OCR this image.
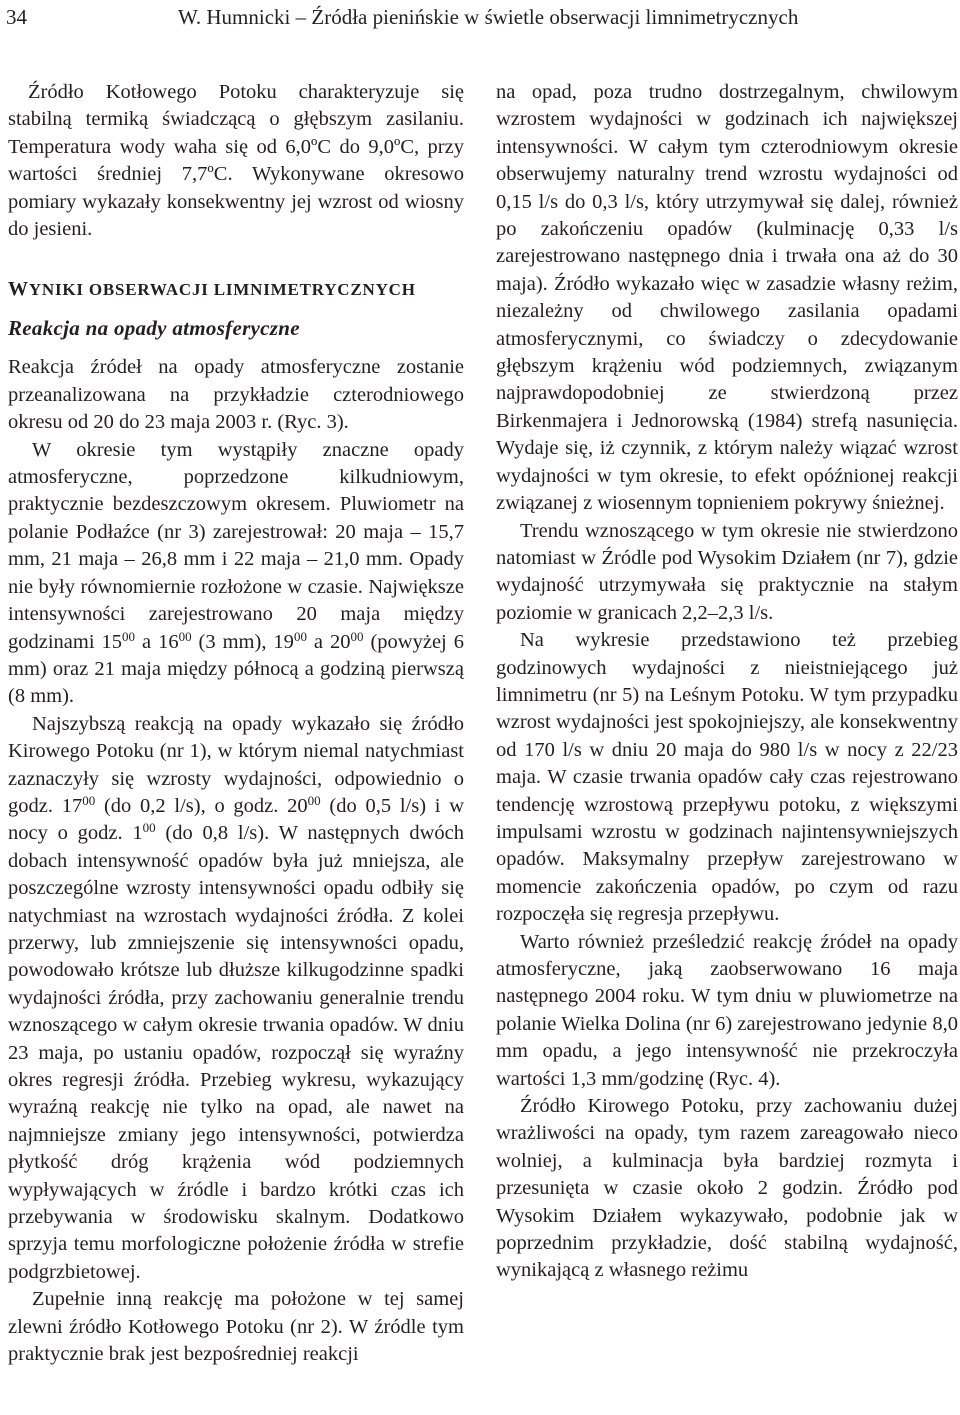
34	W. Humnicki – Źródła pienińskie w świetle obserwacji limnimetrycznych

Źródło Kotłowego Potoku charakteryzuje się stabilną termiką świadczącą o głębszym zasilaniu. Temperatura wody waha się od 6,0ºC do 9,0ºC, przy wartości średniej 7,7ºC. Wykonywane okresowo pomiary wykazały konsekwentny jej wzrost od wiosny do jesieni.

WYNIKI OBSERWACJI LIMNIMETRYCZNYCH
Reakcja na opady atmosferyczne

Reakcja źródeł na opady atmosferyczne zostanie przeanalizowana na przykładzie czterodniowego okresu od 20 do 23 maja 2003 r. (Ryc. 3).

W okresie tym wystąpiły znaczne opady atmosferyczne, poprzedzone kilkudniowym, praktycznie bezdeszczowym okresem. Pluwiometr na polanie Podłaźce (nr 3) zarejestrował: 20 maja – 15,7 mm, 21 maja – 26,8 mm i 22 maja – 21,0 mm. Opady nie były równomiernie rozłożone w czasie. Największe intensywności zarejestrowano 20 maja między godzinami $15^{00}$ a $16^{00}$ (3 mm), $19^{00}$ a $20^{00}$ (powyżej 6 mm) oraz 21 maja między północą a godziną pierwszą (8 mm).

Najszybszą reakcją na opady wykazało się źródło Kirowego Potoku (nr 1), w którym niemal natychmiast zaznaczyły się wzrosty wydajności, odpowiednio o godz. $17^{00}$ (do 0,2 l/s), o godz. $20^{00}$ (do 0,5 l/s) i w nocy o godz. $1^{00}$ (do 0,8 l/s). W następnych dwóch dobach intensywność opadów była już mniejsza, ale poszczególne wzrosty intensywności opadu odbiły się natychmiast na wzrostach wydajności źródła. Z kolei przerwy, lub zmniejszenie się intensywności opadu, powodowało krótsze lub dłuższe kilkugodzinne spadki wydajności źródła, przy zachowaniu generalnie trendu wznoszącego w całym okresie trwania opadów. W dniu 23 maja, po ustaniu opadów, rozpoczął się wyraźny okres regresji źródła. Przebieg wykresu, wykazujący wyraźną reakcję nie tylko na opad, ale nawet na najmniejsze zmiany jego intensywności, potwierdza płytkość dróg krążenia wód podziemnych wypływających w źródle i bardzo krótki czas ich przebywania w środowisku skalnym. Dodatkowo sprzyja temu morfologiczne położenie źródła w strefie podgrzbietowej.

Zupełnie inną reakcję ma położone w tej samej zlewni źródło Kotłowego Potoku (nr 2). W źródle tym praktycznie brak jest bezpośredniej reakcji

na opad, poza trudno dostrzegalnym, chwilowym wzrostem wydajności w godzinach ich największej intensywności. W całym tym czterodniowym okresie obserwujemy naturalny trend wzrostu wydajności od 0,15 l/s do 0,3 l/s, który utrzymywał się dalej, również po zakończeniu opadów (kulminację 0,33 l/s zarejestrowano następnego dnia i trwała ona aż do 30 maja). Źródło wykazało więc w zasadzie własny reżim, niezależny od chwilowego zasilania opadami atmosferycznymi, co świadczy o zdecydowanie głębszym krążeniu wód podziemnych, związanym najprawdopodobniej ze stwierdzoną przez Birkenmajera i Jednorowską (1984) strefą nasunięcia. Wydaje się, iż czynnik, z którym należy wiązać wzrost wydajności w tym okresie, to efekt opóźnionej reakcji związanej z wiosennym topnieniem pokrywy śnieżnej.

Trendu wznoszącego w tym okresie nie stwierdzono natomiast w Źródle pod Wysokim Działem (nr 7), gdzie wydajność utrzymywała się praktycznie na stałym poziomie w granicach 2,2–2,3 l/s.

Na wykresie przedstawiono też przebieg godzinowych wydajności z nieistniejącego już limnimetru (nr 5) na Leśnym Potoku. W tym przypadku wzrost wydajności jest spokojniejszy, ale konsekwentny od 170 l/s w dniu 20 maja do 980 l/s w nocy z 22/23 maja. W czasie trwania opadów cały czas rejestrowano tendencję wzrostową przepływu potoku, z większymi impulsami wzrostu w godzinach najintensywniejszych opadów. Maksymalny przepływ zarejestrowano w momencie zakończenia opadów, po czym od razu rozpoczęła się regresja przepływu.

Warto również prześledzić reakcję źródeł na opady atmosferyczne, jaką zaobserwowano 16 maja następnego 2004 roku. W tym dniu w pluwiometrze na polanie Wielka Dolina (nr 6) zarejestrowano jedynie 8,0 mm opadu, a jego intensywność nie przekroczyła wartości 1,3 mm/godzinę (Ryc. 4).

Źródło Kirowego Potoku, przy zachowaniu dużej wrażliwości na opady, tym razem zareagowało nieco wolniej, a kulminacja była bardziej rozmyta i przesunięta w czasie około 2 godzin. Źródło pod Wysokim Działem wykazywało, podobnie jak w poprzednim przykładzie, dość stabilną wydajność, wynikającą z własnego reżimu
